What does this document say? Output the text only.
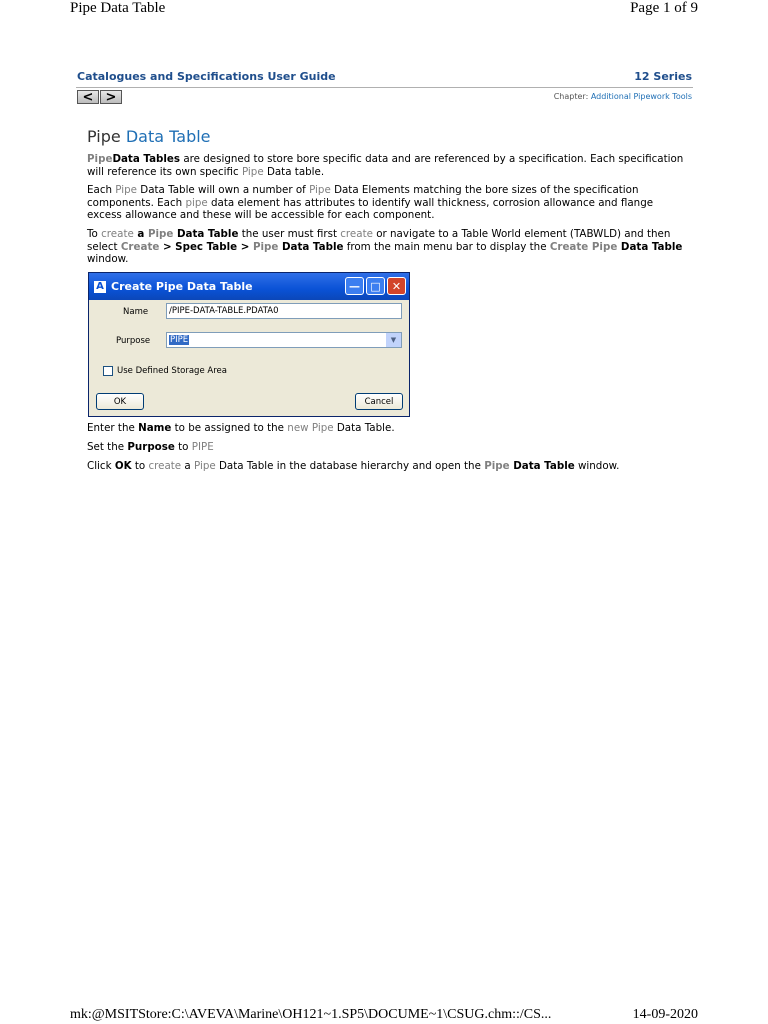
Pipe Data Table	Page 1 of 9
Catalogues and Specifications User Guide	12 Series
< >	Chapter: Additional Pipework Tools
Pipe Data Table
PipeData Tables are designed to store bore specific data and are referenced by a specification. Each specification will reference its own specific Pipe Data table.
Each Pipe Data Table will own a number of Pipe Data Elements matching the bore sizes of the specification components. Each pipe data element has attributes to identify wall thickness, corrosion allowance and flange excess allowance and these will be accessible for each component.
To create a Pipe Data Table the user must first create or navigate to a Table World element (TABWLD) and then select Create > Spec Table > Pipe Data Table from the main menu bar to display the Create Pipe Data Table window.
A Create Pipe Data Table	— □	✕
Name /PIPE-DATA-TABLE.PDATA0
Purpose PIPE	▼
Use Defined Storage Area
OK	Cancel
Enter the Name to be assigned to the new Pipe Data Table.
Set the Purpose to PIPE
Click OK to create a Pipe Data Table in the database hierarchy and open the Pipe Data Table window.
mk:@MSITStore:C:\AVEVA\Marine\OH121~1.SP5\DOCUME~1\CSUG.chm::/CS...	14-09-2020
